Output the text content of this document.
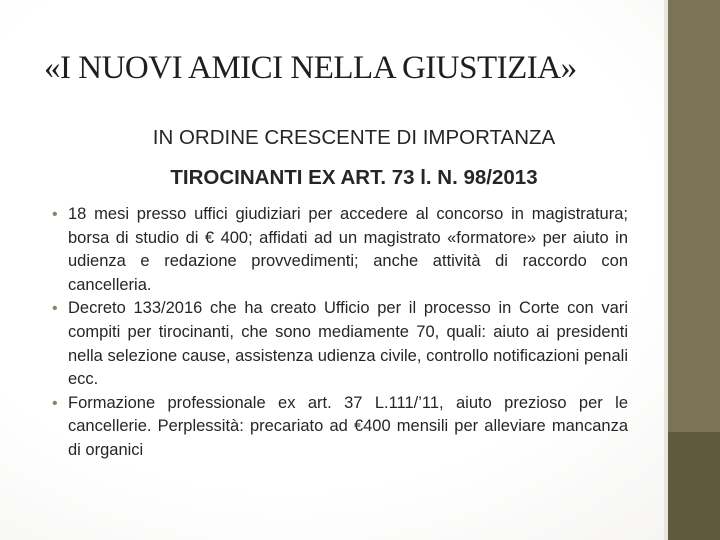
«I NUOVI AMICI NELLA GIUSTIZIA»
IN ORDINE CRESCENTE DI IMPORTANZA
TIROCINANTI EX ART. 73 l. N. 98/2013
• 18 mesi presso uffici giudiziari per accedere al concorso in magistratura; borsa di studio di € 400; affidati ad un magistrato «formatore» per aiuto in udienza e redazione provvedimenti; anche attività di raccordo con cancelleria.
• Decreto 133/2016 che ha creato Ufficio per il processo in Corte con vari compiti per tirocinanti, che sono mediamente 70, quali: aiuto ai presidenti nella selezione cause, assistenza udienza civile, controllo notificazioni penali ecc.
• Formazione professionale ex art. 37 L.111/’11, aiuto prezioso per le cancellerie. Perplessità: precariato ad €400 mensili per alleviare mancanza di organici
